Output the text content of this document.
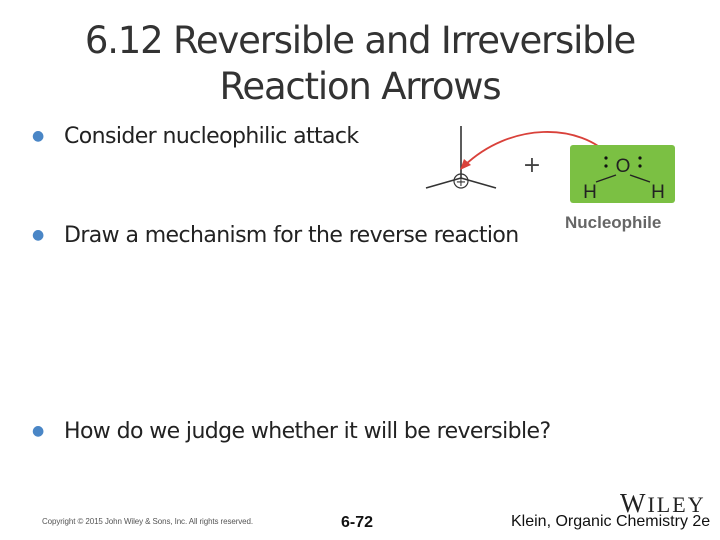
6.12 Reversible and Irreversible
Reaction Arrows
● Consider nucleophilic attack
● Draw a mechanism for the reverse reaction
● How do we judge whether it will be reversible?
+
+	O
H	H
Nucleophile
Copyright © 2015 John Wiley & Sons, Inc. All rights reserved.	6-72
WILEY
Klein, Organic Chemistry 2e
